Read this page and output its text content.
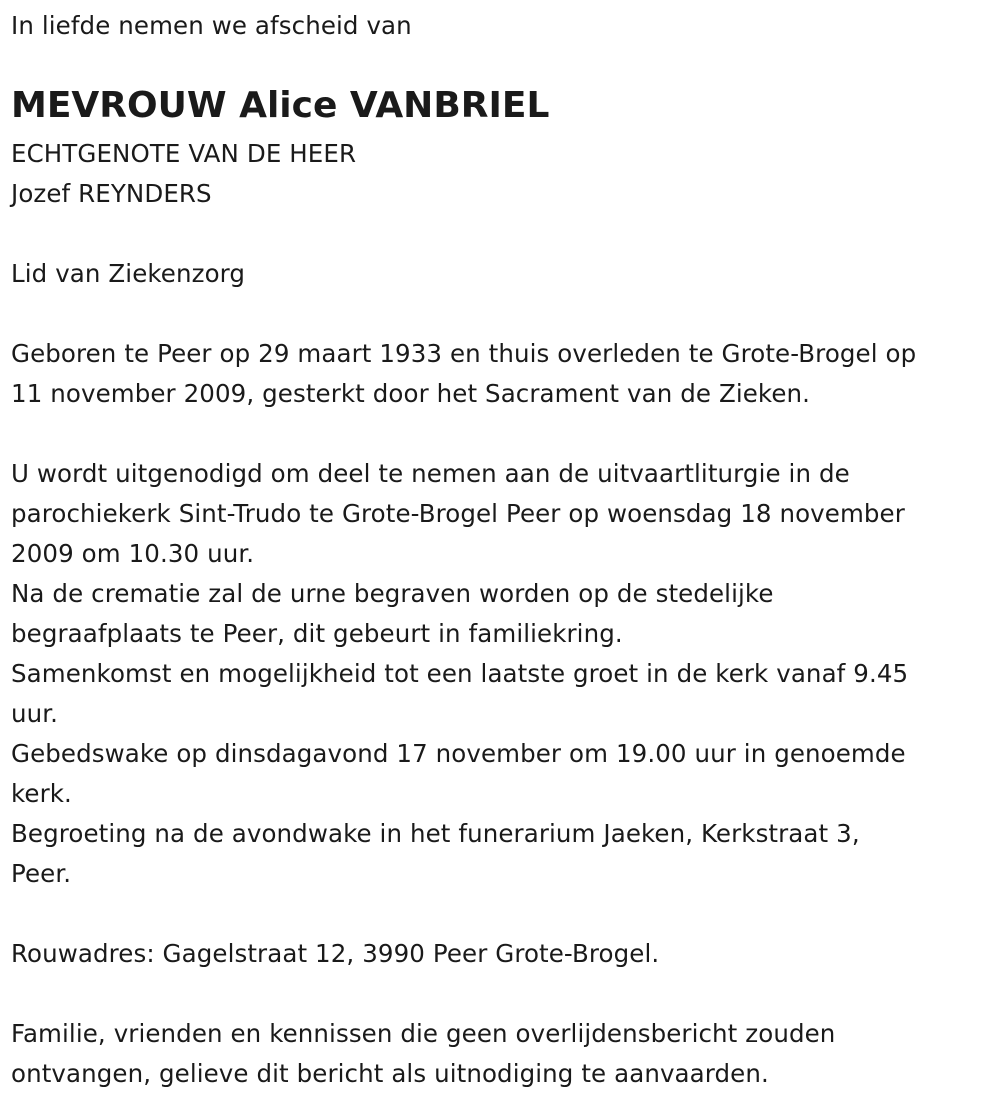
In liefde nemen we afscheid van
MEVROUW Alice VANBRIEL
ECHTGENOTE VAN DE HEER
Jozef REYNDERS
Lid van Ziekenzorg
Geboren te Peer op 29 maart 1933 en thuis overleden te Grote-Brogel op
11 november 2009, gesterkt door het Sacrament van de Zieken.
U wordt uitgenodigd om deel te nemen aan de uitvaartliturgie in de
parochiekerk Sint-Trudo te Grote-Brogel Peer op woensdag 18 november
2009 om 10.30 uur.
Na de crematie zal de urne begraven worden op de stedelijke
begraafplaats te Peer, dit gebeurt in familiekring.
Samenkomst en mogelijkheid tot een laatste groet in de kerk vanaf 9.45
uur.
Gebedswake op dinsdagavond 17 november om 19.00 uur in genoemde
kerk.
Begroeting na de avondwake in het funerarium Jaeken, Kerkstraat 3,
Peer.
Rouwadres: Gagelstraat 12, 3990 Peer Grote-Brogel.
Familie, vrienden en kennissen die geen overlijdensbericht zouden
ontvangen, gelieve dit bericht als uitnodiging te aanvaarden.
